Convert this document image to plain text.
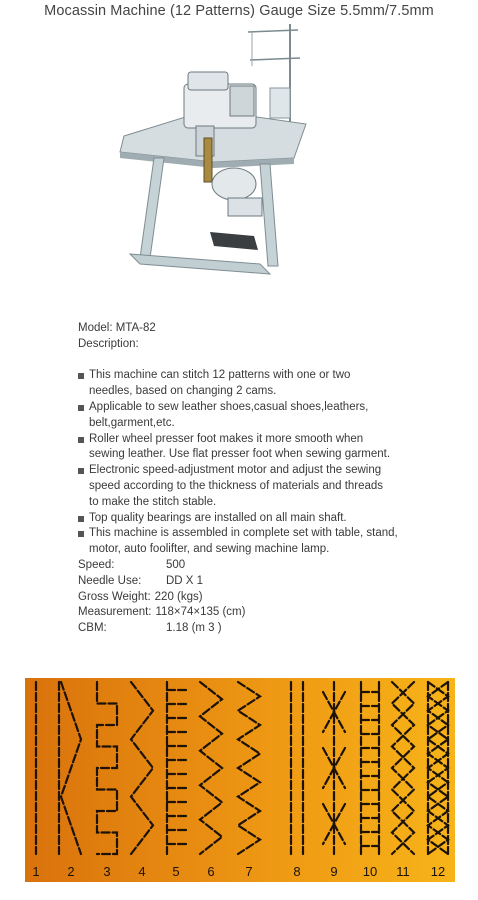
Mocassin Machine (12 Patterns) Gauge Size 5.5mm/7.5mm
Model: MTA-82
Description:
This machine can stitch 12 patterns with one or two
needles, based on changing 2 cams.
Applicable to sew leather shoes,casual shoes,leathers,
belt,garment,etc.
Roller wheel presser foot makes it more smooth when
sewing leather. Use flat presser foot when sewing garment.
Electronic speed-adjustment motor and adjust the sewing
speed according to the thickness of materials and threads
to make the stitch stable.
Top quality bearings are installed on all main shaft.
This machine is assembled in complete set with table, stand,
motor, auto foolifter, and sewing machine lamp.
Speed:	500
Needle Use:	DD X 1
Gross Weight: 220 (kgs)
Measurement: 118×74×135 (cm)
CBM:	1.18 (m 3 )
1 2 3 4 5 6 7	8 9 10 11 12
